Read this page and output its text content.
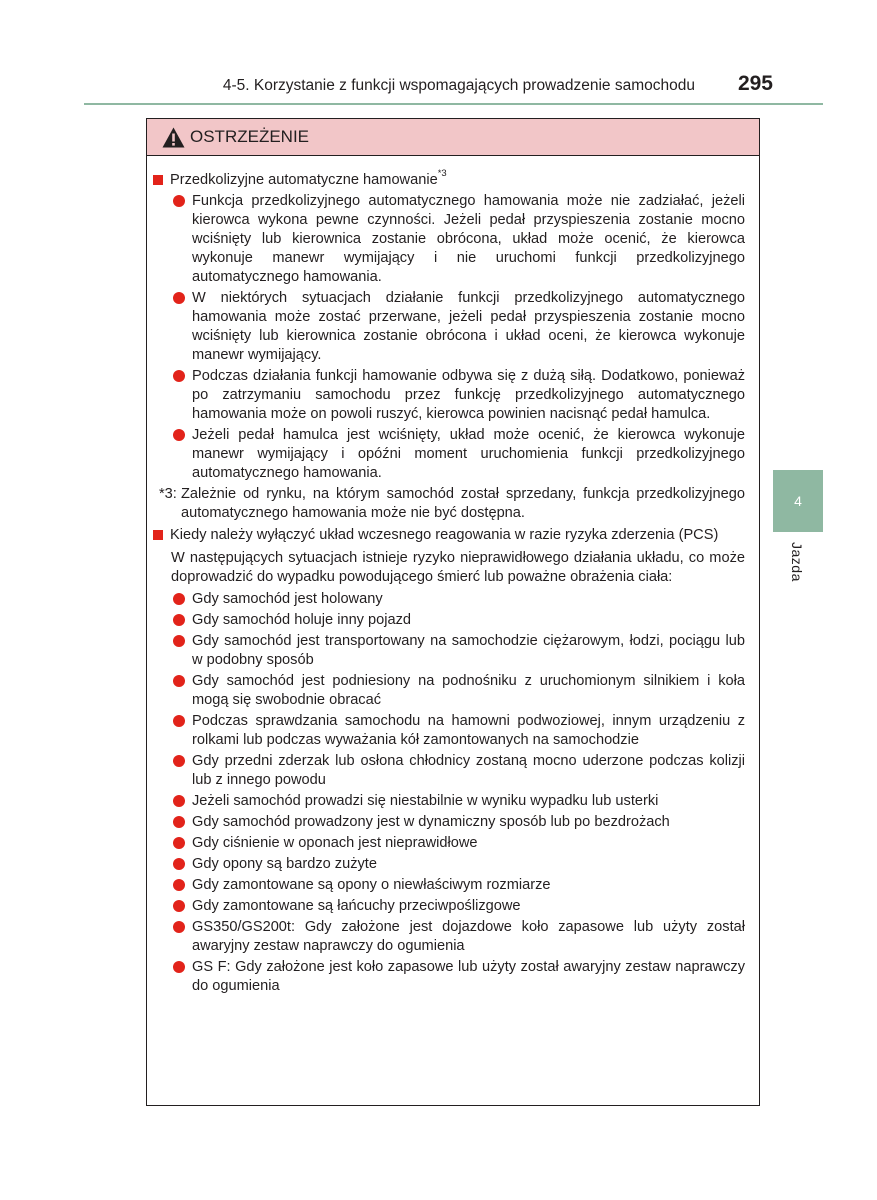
4-5. Korzystanie z funkcji wspomagających prowadzenie samochodu	295
OSTRZEŻENIE
Przedkolizyjne automatyczne hamowanie$^{*3}$
Funkcja przedkolizyjnego automatycznego hamowania może nie zadziałać, jeżeli kierowca wykona pewne czynności. Jeżeli pedał przyspieszenia zostanie mocno wciśnięty lub kierownica zostanie obrócona, układ może ocenić, że kierowca wykonuje manewr wymijający i nie uruchomi funkcji przedkolizyjnego automatycznego hamowania.
W niektórych sytuacjach działanie funkcji przedkolizyjnego automatycznego hamowania może zostać przerwane, jeżeli pedał przyspieszenia zostanie mocno wciśnięty lub kierownica zostanie obrócona i układ oceni, że kierowca wykonuje manewr wymijający.
Podczas działania funkcji hamowanie odbywa się z dużą siłą. Dodatkowo, ponieważ po zatrzymaniu samochodu przez funkcję przedkolizyjnego automatycznego hamowania może on powoli ruszyć, kierowca powinien nacisnąć pedał hamulca.
Jeżeli pedał hamulca jest wciśnięty, układ może ocenić, że kierowca wykonuje manewr wymijający i opóźni moment uruchomienia funkcji przedkolizyjnego automatycznego hamowania.
*3: Zależnie od rynku, na którym samochód został sprzedany, funkcja przedkolizyjnego automatycznego hamowania może nie być dostępna.
Kiedy należy wyłączyć układ wczesnego reagowania w razie ryzyka zderzenia (PCS)
W następujących sytuacjach istnieje ryzyko nieprawidłowego działania układu, co może doprowadzić do wypadku powodującego śmierć lub poważne obrażenia ciała:
Gdy samochód jest holowany
Gdy samochód holuje inny pojazd
Gdy samochód jest transportowany na samochodzie ciężarowym, łodzi, pociągu lub w podobny sposób
Gdy samochód jest podniesiony na podnośniku z uruchomionym silnikiem i koła mogą się swobodnie obracać
Podczas sprawdzania samochodu na hamowni podwoziowej, innym urządzeniu z rolkami lub podczas wyważania kół zamontowanych na samochodzie
Gdy przedni zderzak lub osłona chłodnicy zostaną mocno uderzone podczas kolizji lub z innego powodu
Jeżeli samochód prowadzi się niestabilnie w wyniku wypadku lub usterki
Gdy samochód prowadzony jest w dynamiczny sposób lub po bezdrożach
Gdy ciśnienie w oponach jest nieprawidłowe
Gdy opony są bardzo zużyte
Gdy zamontowane są opony o niewłaściwym rozmiarze
Gdy zamontowane są łańcuchy przeciwpoślizgowe
GS350/GS200t: Gdy założone jest dojazdowe koło zapasowe lub użyty został awaryjny zestaw naprawczy do ogumienia
GS F: Gdy założone jest koło zapasowe lub użyty został awaryjny zestaw naprawczy do ogumienia
4
Jazda
